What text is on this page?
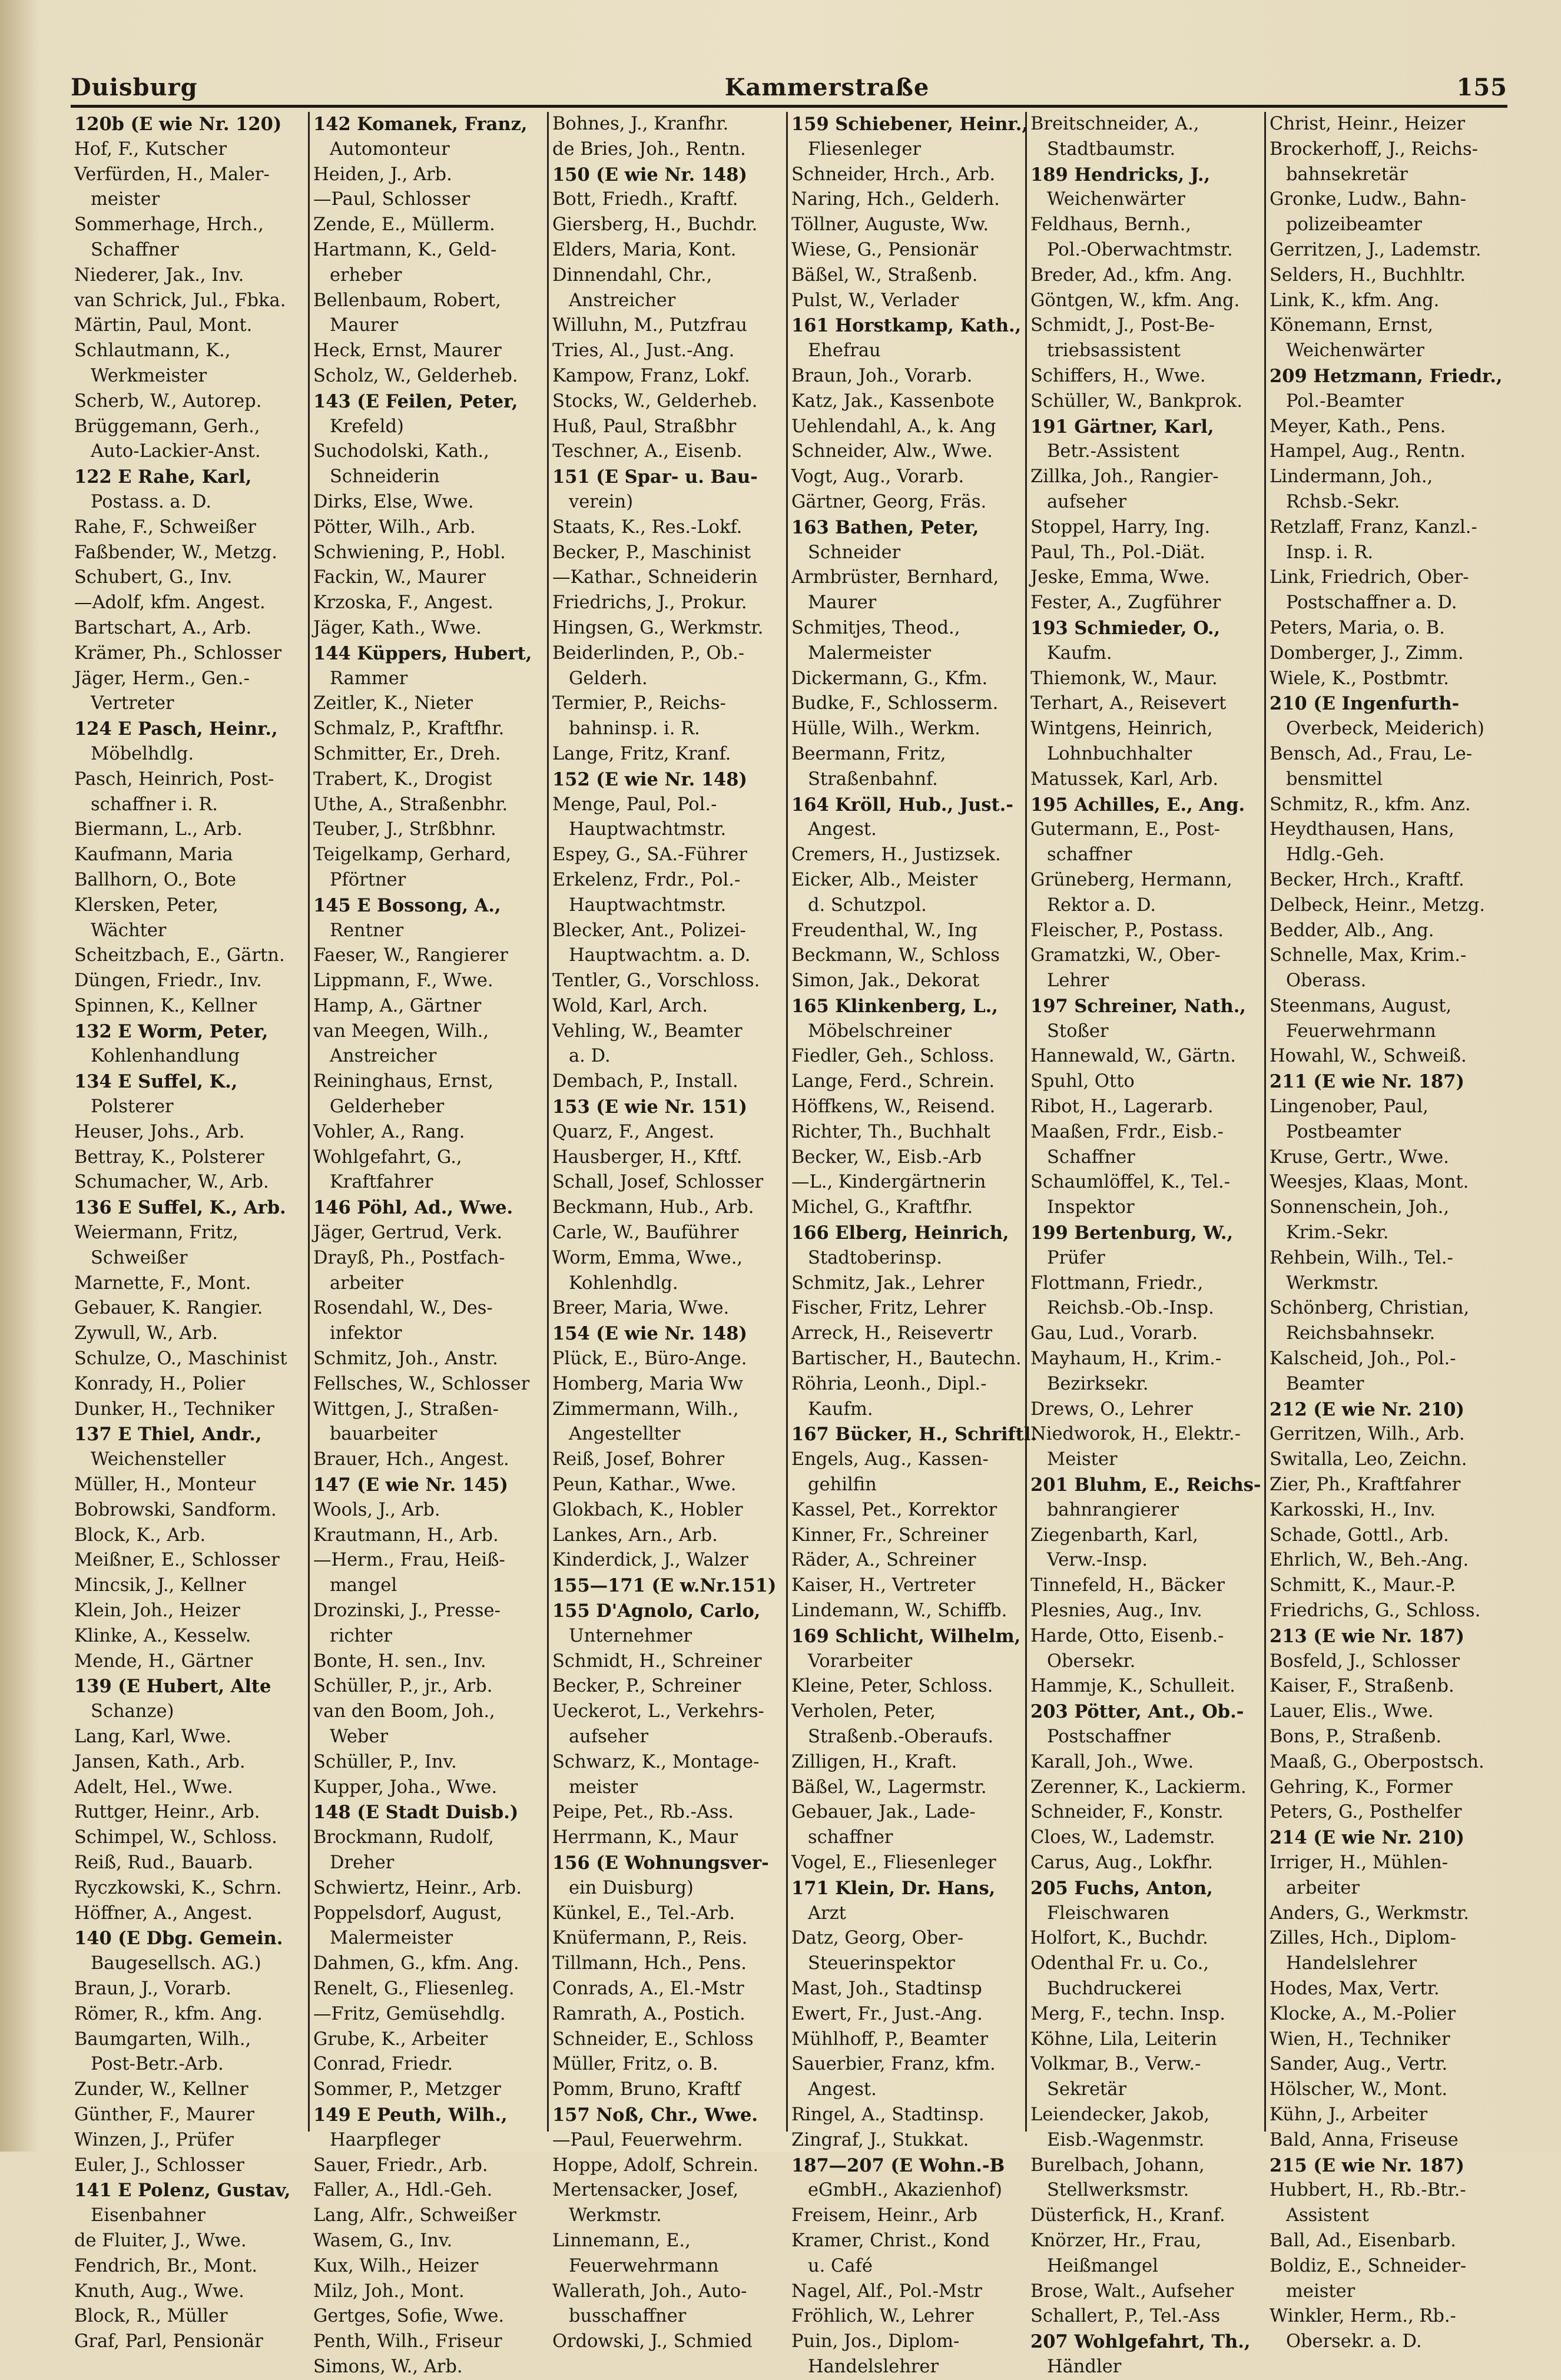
Duisburg	Kammerstraße	155
120b (E wie Nr. 120)
Hof, F., Kutscher
Verfürden, H., Maler-
meister
Sommerhage, Hrch.,
Schaffner
Niederer, Jak., Inv.
van Schrick, Jul., Fbka.
Märtin, Paul, Mont.
Schlautmann, K.,
Werkmeister
Scherb, W., Autorep.
Brüggemann, Gerh.,
Auto-Lackier-Anst.
122 E Rahe, Karl,
Postass. a. D.
Rahe, F., Schweißer
Faßbender, W., Metzg.
Schubert, G., Inv.
—Adolf, kfm. Angest.
Bartschart, A., Arb.
Krämer, Ph., Schlosser
Jäger, Herm., Gen.-
Vertreter
124 E Pasch, Heinr.,
Möbelhdlg.
Pasch, Heinrich, Post-
schaffner i. R.
Biermann, L., Arb.
Kaufmann, Maria
Ballhorn, O., Bote
Klersken, Peter,
Wächter
Scheitzbach, E., Gärtn.
Düngen, Friedr., Inv.
Spinnen, K., Kellner
132 E Worm, Peter,
Kohlenhandlung
134 E Suffel, K.,
Polsterer
Heuser, Johs., Arb.
Bettray, K., Polsterer
Schumacher, W., Arb.
136 E Suffel, K., Arb.
Weiermann, Fritz,
Schweißer
Marnette, F., Mont.
Gebauer, K. Rangier.
Zywull, W., Arb.
Schulze, O., Maschinist
Konrady, H., Polier
Dunker, H., Techniker
137 E Thiel, Andr.,
Weichensteller
Müller, H., Monteur
Bobrowski, Sandform.
Block, K., Arb.
Meißner, E., Schlosser
Mincsik, J., Kellner
Klein, Joh., Heizer
Klinke, A., Kesselw.
Mende, H., Gärtner
139 (E Hubert, Alte
Schanze)
Lang, Karl, Wwe.
Jansen, Kath., Arb.
Adelt, Hel., Wwe.
Ruttger, Heinr., Arb.
Schimpel, W., Schloss.
Reiß, Rud., Bauarb.
Ryczkowski, K., Schrn.
Höffner, A., Angest.
140 (E Dbg. Gemein.
Baugesellsch. AG.)
Braun, J., Vorarb.
Römer, R., kfm. Ang.
Baumgarten, Wilh.,
Post-Betr.-Arb.
Zunder, W., Kellner
Günther, F., Maurer
Winzen, J., Prüfer
Euler, J., Schlosser
141 E Polenz, Gustav,
Eisenbahner
de Fluiter, J., Wwe.
Fendrich, Br., Mont.
Knuth, Aug., Wwe.
Block, R., Müller
Graf, Parl, Pensionär
142 Komanek, Franz,
Automonteur
Heiden, J., Arb.
—Paul, Schlosser
Zende, E., Müllerm.
Hartmann, K., Geld-
erheber
Bellenbaum, Robert,
Maurer
Heck, Ernst, Maurer
Scholz, W., Gelderheb.
143 (E Feilen, Peter,
Krefeld)
Suchodolski, Kath.,
Schneiderin
Dirks, Else, Wwe.
Pötter, Wilh., Arb.
Schwiening, P., Hobl.
Fackin, W., Maurer
Krzoska, F., Angest.
Jäger, Kath., Wwe.
144 Küppers, Hubert,
Rammer
Zeitler, K., Nieter
Schmalz, P., Kraftfhr.
Schmitter, Er., Dreh.
Trabert, K., Drogist
Uthe, A., Straßenbhr.
Teuber, J., Strßbhnr.
Teigelkamp, Gerhard,
Pförtner
145 E Bossong, A.,
Rentner
Faeser, W., Rangierer
Lippmann, F., Wwe.
Hamp, A., Gärtner
van Meegen, Wilh.,
Anstreicher
Reininghaus, Ernst,
Gelderheber
Vohler, A., Rang.
Wohlgefahrt, G.,
Kraftfahrer
146 Pöhl, Ad., Wwe.
Jäger, Gertrud, Verk.
Drayß, Ph., Postfach-
arbeiter
Rosendahl, W., Des-
infektor
Schmitz, Joh., Anstr.
Fellsches, W., Schlosser
Wittgen, J., Straßen-
bauarbeiter
Brauer, Hch., Angest.
147 (E wie Nr. 145)
Wools, J., Arb.
Krautmann, H., Arb.
—Herm., Frau, Heiß-
mangel
Drozinski, J., Presse-
richter
Bonte, H. sen., Inv.
Schüller, P., jr., Arb.
van den Boom, Joh.,
Weber
Schüller, P., Inv.
Kupper, Joha., Wwe.
148 (E Stadt Duisb.)
Brockmann, Rudolf,
Dreher
Schwiertz, Heinr., Arb.
Poppelsdorf, August,
Malermeister
Dahmen, G., kfm. Ang.
Renelt, G., Fliesenleg.
—Fritz, Gemüsehdlg.
Grube, K., Arbeiter
Conrad, Friedr.
Sommer, P., Metzger
149 E Peuth, Wilh.,
Haarpfleger
Sauer, Friedr., Arb.
Faller, A., Hdl.-Geh.
Lang, Alfr., Schweißer
Wasem, G., Inv.
Kux, Wilh., Heizer
Milz, Joh., Mont.
Gertges, Sofie, Wwe.
Penth, Wilh., Friseur
Simons, W., Arb.
Bohnes, J., Kranfhr.
de Bries, Joh., Rentn.
150 (E wie Nr. 148)
Bott, Friedh., Kraftf.
Giersberg, H., Buchdr.
Elders, Maria, Kont.
Dinnendahl, Chr.,
Anstreicher
Willuhn, M., Putzfrau
Tries, Al., Just.-Ang.
Kampow, Franz, Lokf.
Stocks, W., Gelderheb.
Huß, Paul, Straßbhr
Teschner, A., Eisenb.
151 (E Spar- u. Bau-
verein)
Staats, K., Res.-Lokf.
Becker, P., Maschinist
—Kathar., Schneiderin
Friedrichs, J., Prokur.
Hingsen, G., Werkmstr.
Beiderlinden, P., Ob.-
Gelderh.
Termier, P., Reichs-
bahninsp. i. R.
Lange, Fritz, Kranf.
152 (E wie Nr. 148)
Menge, Paul, Pol.-
Hauptwachtmstr.
Espey, G., SA.-Führer
Erkelenz, Frdr., Pol.-
Hauptwachtmstr.
Blecker, Ant., Polizei-
Hauptwachtm. a. D.
Tentler, G., Vorschloss.
Wold, Karl, Arch.
Vehling, W., Beamter
a. D.
Dembach, P., Install.
153 (E wie Nr. 151)
Quarz, F., Angest.
Hausberger, H., Kftf.
Schall, Josef, Schlosser
Beckmann, Hub., Arb.
Carle, W., Bauführer
Worm, Emma, Wwe.,
Kohlenhdlg.
Breer, Maria, Wwe.
154 (E wie Nr. 148)
Plück, E., Büro-Ange.
Homberg, Maria Ww
Zimmermann, Wilh.,
Angestellter
Reiß, Josef, Bohrer
Peun, Kathar., Wwe.
Glokbach, K., Hobler
Lankes, Arn., Arb.
Kinderdick, J., Walzer
155—171 (E w.Nr.151)
155 D'Agnolo, Carlo,
Unternehmer
Schmidt, H., Schreiner
Becker, P., Schreiner
Ueckerot, L., Verkehrs-
aufseher
Schwarz, K., Montage-
meister
Peipe, Pet., Rb.-Ass.
Herrmann, K., Maur
156 (E Wohnungsver-
ein Duisburg)
Künkel, E., Tel.-Arb.
Knüfermann, P., Reis.
Tillmann, Hch., Pens.
Conrads, A., El.-Mstr
Ramrath, A., Postich.
Schneider, E., Schloss
Müller, Fritz, o. B.
Pomm, Bruno, Kraftf
157 Noß, Chr., Wwe.
—Paul, Feuerwehrm.
Hoppe, Adolf, Schrein.
Mertensacker, Josef,
Werkmstr.
Linnemann, E.,
Feuerwehrmann
Wallerath, Joh., Auto-
busschaffner
Ordowski, J., Schmied
159 Schiebener, Heinr.,
Fliesenleger
Schneider, Hrch., Arb.
Naring, Hch., Gelderh.
Töllner, Auguste, Ww.
Wiese, G., Pensionär
Bäßel, W., Straßenb.
Pulst, W., Verlader
161 Horstkamp, Kath.,
Ehefrau
Braun, Joh., Vorarb.
Katz, Jak., Kassenbote
Uehlendahl, A., k. Ang
Schneider, Alw., Wwe.
Vogt, Aug., Vorarb.
Gärtner, Georg, Fräs.
163 Bathen, Peter,
Schneider
Armbrüster, Bernhard,
Maurer
Schmitjes, Theod.,
Malermeister
Dickermann, G., Kfm.
Budke, F., Schlosserm.
Hülle, Wilh., Werkm.
Beermann, Fritz,
Straßenbahnf.
164 Kröll, Hub., Just.-
Angest.
Cremers, H., Justizsek.
Eicker, Alb., Meister
d. Schutzpol.
Freudenthal, W., Ing
Beckmann, W., Schloss
Simon, Jak., Dekorat
165 Klinkenberg, L.,
Möbelschreiner
Fiedler, Geh., Schloss.
Lange, Ferd., Schrein.
Höffkens, W., Reisend.
Richter, Th., Buchhalt
Becker, W., Eisb.-Arb
—L., Kindergärtnerin
Michel, G., Kraftfhr.
166 Elberg, Heinrich,
Stadtoberinsp.
Schmitz, Jak., Lehrer
Fischer, Fritz, Lehrer
Arreck, H., Reisevertr
Bartischer, H., Bautechn.
Röhria, Leonh., Dipl.-
Kaufm.
167 Bücker, H., Schriftl.
Engels, Aug., Kassen-
gehilfin
Kassel, Pet., Korrektor
Kinner, Fr., Schreiner
Räder, A., Schreiner
Kaiser, H., Vertreter
Lindemann, W., Schiffb.
169 Schlicht, Wilhelm,
Vorarbeiter
Kleine, Peter, Schloss.
Verholen, Peter,
Straßenb.-Oberaufs.
Zilligen, H., Kraft.
Bäßel, W., Lagermstr.
Gebauer, Jak., Lade-
schaffner
Vogel, E., Fliesenleger
171 Klein, Dr. Hans,
Arzt
Datz, Georg, Ober-
Steuerinspektor
Mast, Joh., Stadtinsp
Ewert, Fr., Just.-Ang.
Mühlhoff, P., Beamter
Sauerbier, Franz, kfm.
Angest.
Ringel, A., Stadtinsp.
Zingraf, J., Stukkat.
187—207 (E Wohn.-B
eGmbH., Akazienhof)
Freisem, Heinr., Arb
Kramer, Christ., Kond
u. Café
Nagel, Alf., Pol.-Mstr
Fröhlich, W., Lehrer
Puin, Jos., Diplom-
Handelslehrer
Breitschneider, A.,
Stadtbaumstr.
189 Hendricks, J.,
Weichenwärter
Feldhaus, Bernh.,
Pol.-Oberwachtmstr.
Breder, Ad., kfm. Ang.
Göntgen, W., kfm. Ang.
Schmidt, J., Post-Be-
triebsassistent
Schiffers, H., Wwe.
Schüller, W., Bankprok.
191 Gärtner, Karl,
Betr.-Assistent
Zillka, Joh., Rangier-
aufseher
Stoppel, Harry, Ing.
Paul, Th., Pol.-Diät.
Jeske, Emma, Wwe.
Fester, A., Zugführer
193 Schmieder, O.,
Kaufm.
Thiemonk, W., Maur.
Terhart, A., Reisevert
Wintgens, Heinrich,
Lohnbuchhalter
Matussek, Karl, Arb.
195 Achilles, E., Ang.
Gutermann, E., Post-
schaffner
Grüneberg, Hermann,
Rektor a. D.
Fleischer, P., Postass.
Gramatzki, W., Ober-
Lehrer
197 Schreiner, Nath.,
Stoßer
Hannewald, W., Gärtn.
Spuhl, Otto
Ribot, H., Lagerarb.
Maaßen, Frdr., Eisb.-
Schaffner
Schaumlöffel, K., Tel.-
Inspektor
199 Bertenburg, W.,
Prüfer
Flottmann, Friedr.,
Reichsb.-Ob.-Insp.
Gau, Lud., Vorarb.
Mayhaum, H., Krim.-
Bezirksekr.
Drews, O., Lehrer
Niedworok, H., Elektr.-
Meister
201 Bluhm, E., Reichs-
bahnrangierer
Ziegenbarth, Karl,
Verw.-Insp.
Tinnefeld, H., Bäcker
Plesnies, Aug., Inv.
Harde, Otto, Eisenb.-
Obersekr.
Hammje, K., Schulleit.
203 Pötter, Ant., Ob.-
Postschaffner
Karall, Joh., Wwe.
Zerenner, K., Lackierm.
Schneider, F., Konstr.
Cloes, W., Lademstr.
Carus, Aug., Lokfhr.
205 Fuchs, Anton,
Fleischwaren
Holfort, K., Buchdr.
Odenthal Fr. u. Co.,
Buchdruckerei
Merg, F., techn. Insp.
Köhne, Lila, Leiterin
Volkmar, B., Verw.-
Sekretär
Leiendecker, Jakob,
Eisb.-Wagenmstr.
Burelbach, Johann,
Stellwerksmstr.
Düsterfick, H., Kranf.
Knörzer, Hr., Frau,
Heißmangel
Brose, Walt., Aufseher
Schallert, P., Tel.-Ass
207 Wohlgefahrt, Th.,
Händler
Christ, Heinr., Heizer
Brockerhoff, J., Reichs-
bahnsekretär
Gronke, Ludw., Bahn-
polizeibeamter
Gerritzen, J., Lademstr.
Selders, H., Buchhltr.
Link, K., kfm. Ang.
Könemann, Ernst,
Weichenwärter
209 Hetzmann, Friedr.,
Pol.-Beamter
Meyer, Kath., Pens.
Hampel, Aug., Rentn.
Lindermann, Joh.,
Rchsb.-Sekr.
Retzlaff, Franz, Kanzl.-
Insp. i. R.
Link, Friedrich, Ober-
Postschaffner a. D.
Peters, Maria, o. B.
Domberger, J., Zimm.
Wiele, K., Postbmtr.
210 (E Ingenfurth-
Overbeck, Meiderich)
Bensch, Ad., Frau, Le-
bensmittel
Schmitz, R., kfm. Anz.
Heydthausen, Hans,
Hdlg.-Geh.
Becker, Hrch., Kraftf.
Delbeck, Heinr., Metzg.
Bedder, Alb., Ang.
Schnelle, Max, Krim.-
Oberass.
Steenmans, August,
Feuerwehrmann
Howahl, W., Schweiß.
211 (E wie Nr. 187)
Lingenober, Paul,
Postbeamter
Kruse, Gertr., Wwe.
Weesjes, Klaas, Mont.
Sonnenschein, Joh.,
Krim.-Sekr.
Rehbein, Wilh., Tel.-
Werkmstr.
Schönberg, Christian,
Reichsbahnsekr.
Kalscheid, Joh., Pol.-
Beamter
212 (E wie Nr. 210)
Gerritzen, Wilh., Arb.
Switalla, Leo, Zeichn.
Zier, Ph., Kraftfahrer
Karkosski, H., Inv.
Schade, Gottl., Arb.
Ehrlich, W., Beh.-Ang.
Schmitt, K., Maur.-P.
Friedrichs, G., Schloss.
213 (E wie Nr. 187)
Bosfeld, J., Schlosser
Kaiser, F., Straßenb.
Lauer, Elis., Wwe.
Bons, P., Straßenb.
Maaß, G., Oberpostsch.
Gehring, K., Former
Peters, G., Posthelfer
214 (E wie Nr. 210)
Irriger, H., Mühlen-
arbeiter
Anders, G., Werkmstr.
Zilles, Hch., Diplom-
Handelslehrer
Hodes, Max, Vertr.
Klocke, A., M.-Polier
Wien, H., Techniker
Sander, Aug., Vertr.
Hölscher, W., Mont.
Kühn, J., Arbeiter
Bald, Anna, Friseuse
215 (E wie Nr. 187)
Hubbert, H., Rb.-Btr.-
Assistent
Ball, Ad., Eisenbarb.
Boldiz, E., Schneider-
meister
Winkler, Herm., Rb.-
Obersekr. a. D.
